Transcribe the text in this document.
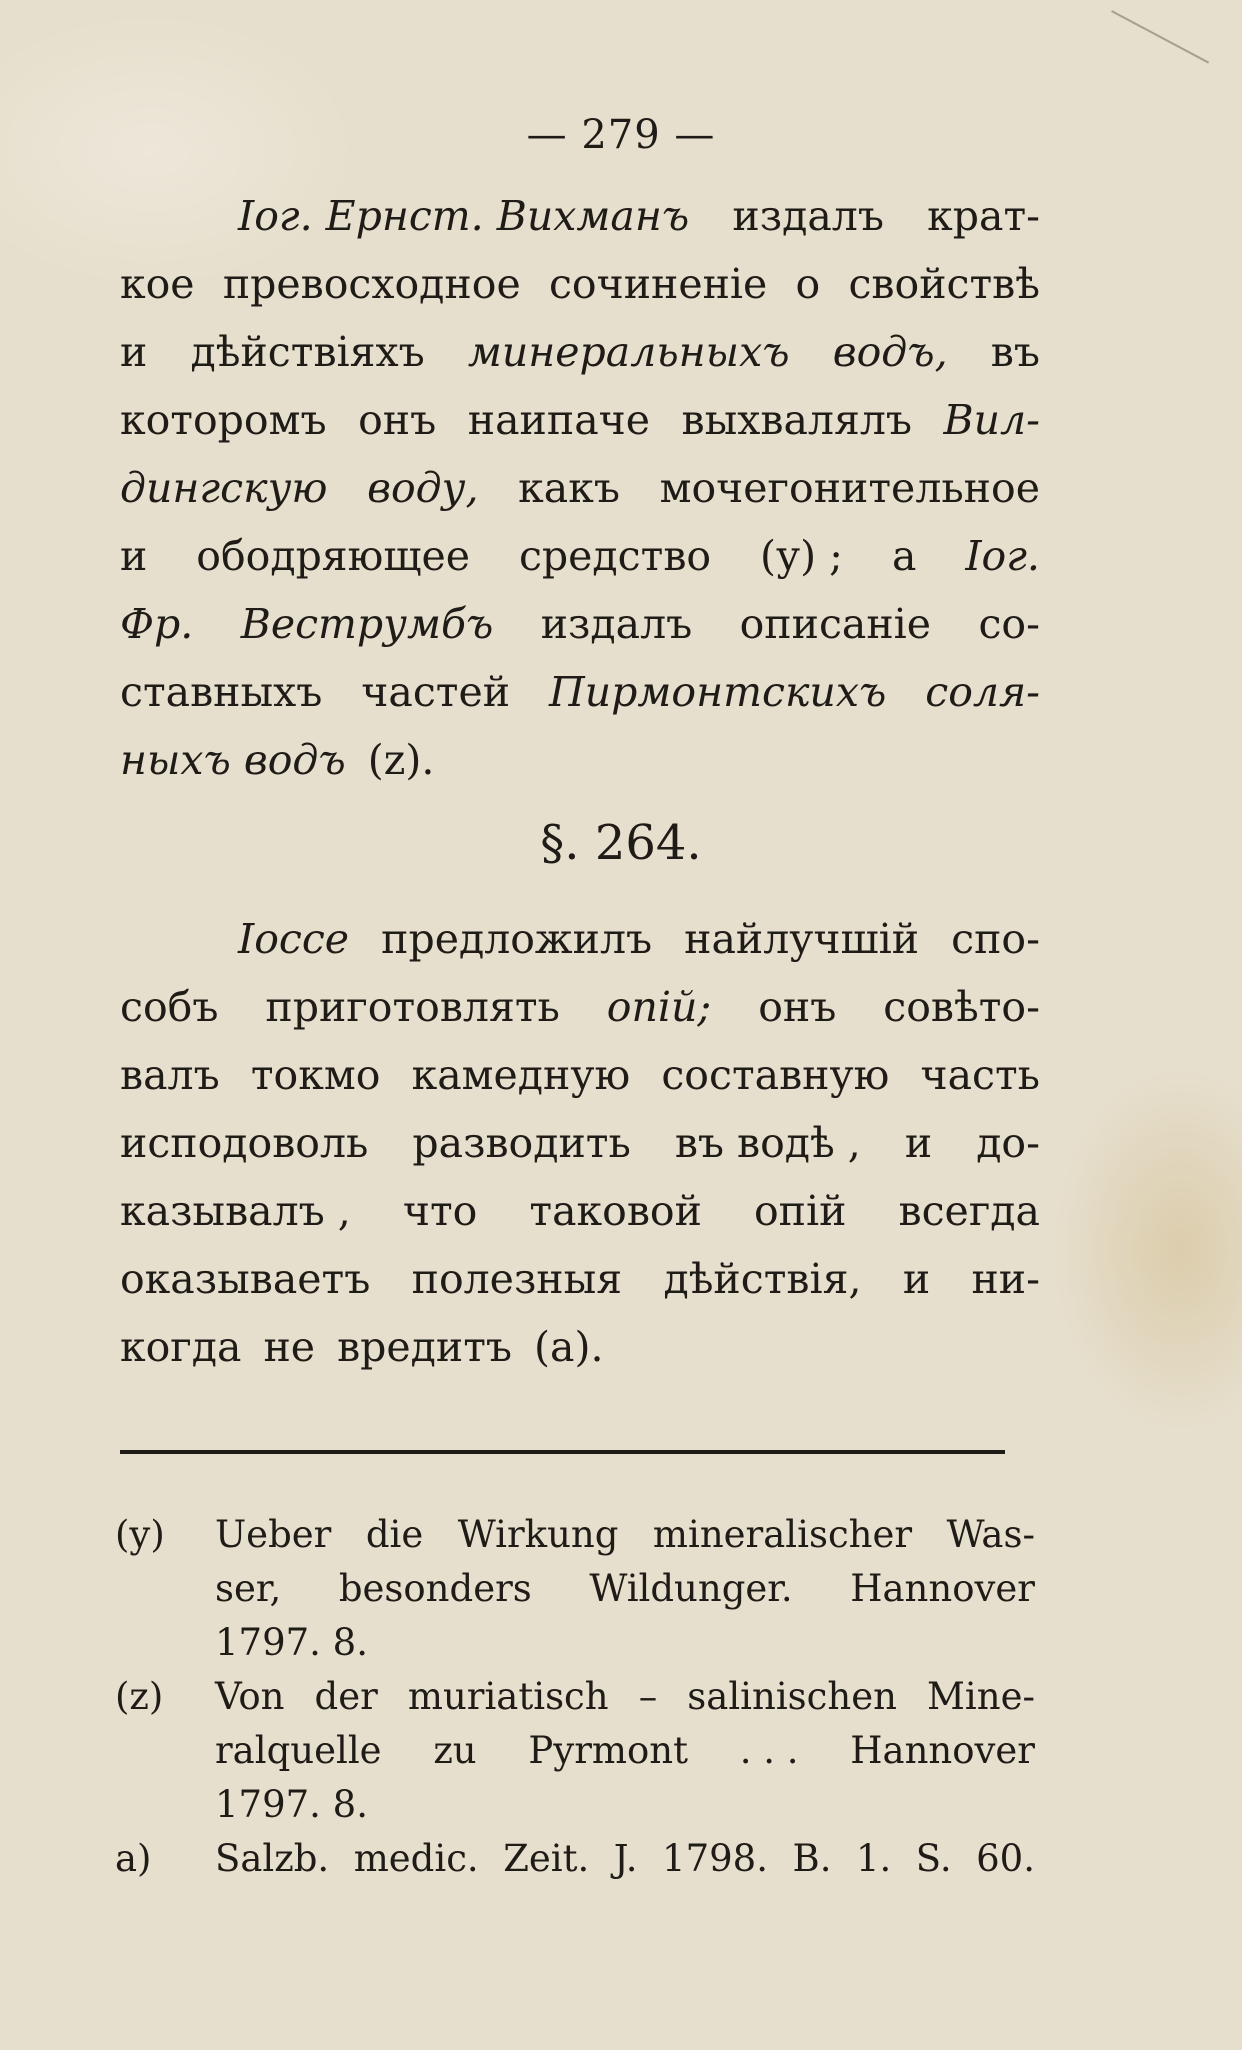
— 279 —
Іог. Ернст. Вихманъ издалъ крат-
кое превосходное сочиненіе о свойствѣ
и дѣйствіяхъ минеральныхъ водъ, въ
которомъ онъ наипаче выхвалялъ Вил-
дингскую воду, какъ мочегонительное
и ободряющее средство (у) ; а Іог.
Фр. Веструмбъ издалъ описаніе со-
ставныхъ частей Пирмонтскихъ соля-
ныхъ водъ (z).
§. 264.
Іоссе предложилъ найлучшій спо-
собъ приготовлять опій; онъ совѣто-
валъ токмо камедную составную часть
исподоволь разводить въ водѣ , и до-
казывалъ , что таковой опій всегда
оказываетъ полезныя дѣйствія, и ни-
когда не вредитъ (а).
(y)	Ueber die Wirkung mineralischer Was-
ser, besonders Wildunger. Hannover
1797. 8.
(z)	Von der muriatisch – salinischen Mine-
ralquelle zu Pyrmont . . . Hannover
1797. 8.
a)	Salzb. medic. Zeit. J. 1798. B. 1. S. 60.
